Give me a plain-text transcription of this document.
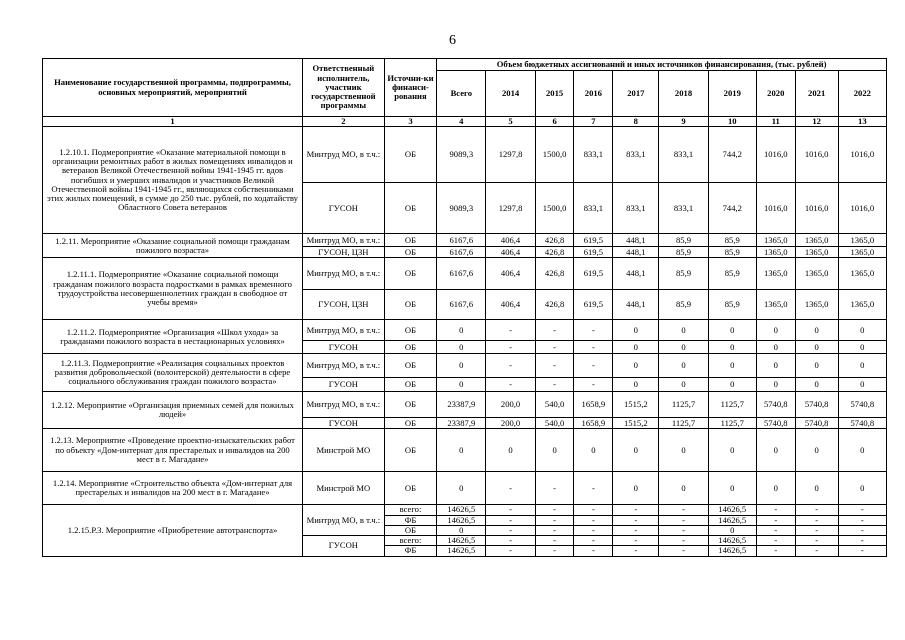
6
Наименование государственной программы, подпрограммы, основных мероприятий, мероприятий	Ответственный исполнитель, участник государственной программы	Источни-ки финанси-рования	Объем бюджетных ассигнований и иных источников финансирования, (тыс. рублей)									
			Всего	2014	2015	2016	2017	2018	2019	2020	2021	2022
1	2	3	4	5	6	7	8	9	10	11	12	13
1.2.10.1. Подмероприятие «Оказание материальной помощи в организации ремонтных работ в жилых помещениях инвалидов и ветеранов Великой Отечественной войны 1941-1945 гг. вдов погибших и умерших инвалидов и участников Великой Отечественной войны 1941-1945 гг., являющихся собственниками этих жилых помещений, в сумме до 250 тыс. рублей, по ходатайству Областного Совета ветеранов	Минтруд МО, в т.ч.:	ОБ	9089,3	1297,8	1500,0	833,1	833,1	833,1	744,2	1016,0	1016,0	1016,0
	ГУСОН	ОБ	9089,3	1297,8	1500,0	833,1	833,1	833,1	744,2	1016,0	1016,0	1016,0
1.2.11. Мероприятие «Оказание социальной помощи гражданам пожилого возраста»	Минтруд МО, в т.ч.:	ОБ	6167,6	406,4	426,8	619,5	448,1	85,9	85,9	1365,0	1365,0	1365,0
	ГУСОН, ЦЗН	ОБ	6167,6	406,4	426,8	619,5	448,1	85,9	85,9	1365,0	1365,0	1365,0
1.2.11.1. Подмероприятие «Оказание социальной помощи гражданам пожилого возраста подростками в рамках временного трудоустройства несовершеннолетних граждан в свободное от учебы время»	Минтруд МО, в т.ч.:	ОБ	6167,6	406,4	426,8	619,5	448,1	85,9	85,9	1365,0	1365,0	1365,0
	ГУСОН, ЦЗН	ОБ	6167,6	406,4	426,8	619,5	448,1	85,9	85,9	1365,0	1365,0	1365,0
1.2.11.2. Подмероприятие «Организация «Школ ухода» за гражданами пожилого возраста в нестационарных условиях»	Минтруд МО, в т.ч.:	ОБ	0	-	-	-	0	0	0	0	0	0
	ГУСОН	ОБ	0	-	-	-	0	0	0	0	0	0
1.2.11.3. Подмероприятие «Реализация социальных проектов развития добровольческой (волонтерской) деятельности в сфере социального обслуживания граждан пожилого возраста»	Минтруд МО, в т.ч.:	ОБ	0	-	-	-	0	0	0	0	0	0
	ГУСОН	ОБ	0	-	-	-	0	0	0	0	0	0
1.2.12. Мероприятие «Организация приемных семей для пожилых людей»	Минтруд МО, в т.ч.:	ОБ	23387,9	200,0	540,0	1658,9	1515,2	1125,7	1125,7	5740,8	5740,8	5740,8
	ГУСОН	ОБ	23387,9	200,0	540,0	1658,9	1515,2	1125,7	1125,7	5740,8	5740,8	5740,8
1.2.13. Мероприятие «Проведение проектно-изыскательских работ по объекту «Дом-интернат для престарелых и инвалидов на 200 мест в г. Магадане»	Минстрой МО	ОБ	0	0	0	0	0	0	0	0	0	0
1.2.14. Мероприятие «Строительство объекта «Дом-интернат для престарелых и инвалидов на 200 мест в г. Магадане»	Минстрой МО	ОБ	0	-	-	-	0	0	0	0	0	0
1.2.15.Р.3. Мероприятие «Приобретение автотранспорта»	Минтруд МО, в т.ч.:	всего:	14626,5	-	-	-	-	-	14626,5	-	-	-
		ФБ	14626,5	-	-	-	-	-	14626,5	-	-	-
		ОБ	0	-	-	-	-	-	0	-	-	-
	ГУСОН	всего:	14626,5	-	-	-	-	-	14626,5	-	-	-
		ФБ	14626,5	-	-	-	-	-	14626,5	-	-	-
